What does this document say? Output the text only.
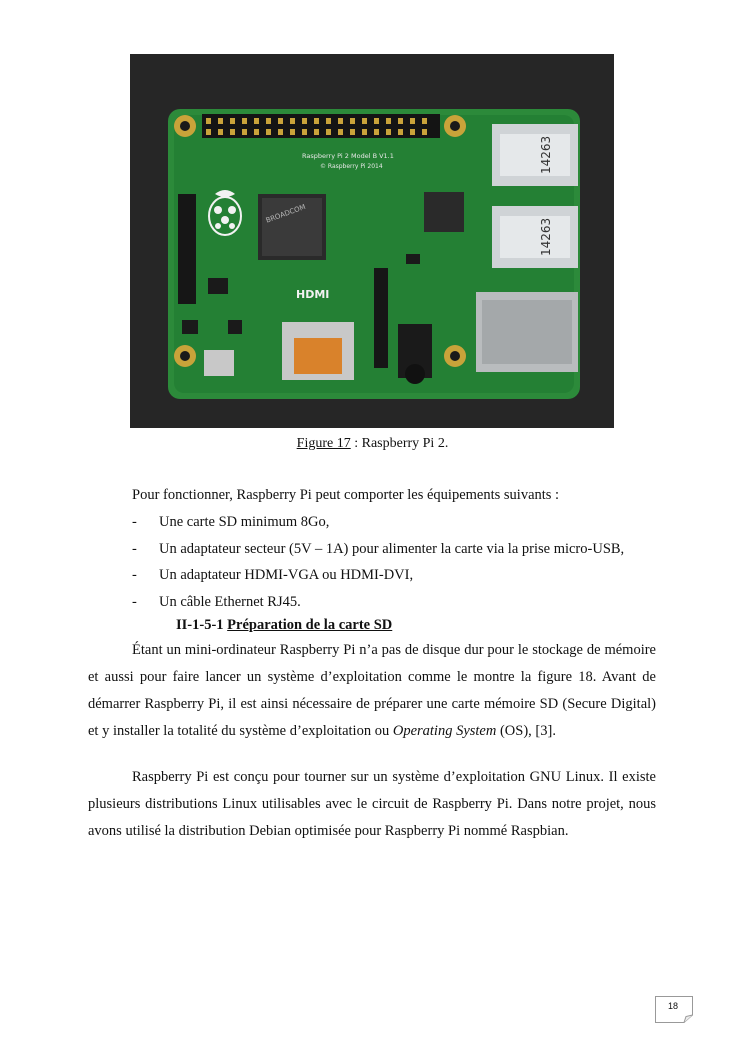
Raspberry Pi 2 Model B V1.1
© Raspberry Pi 2014
BROADCOM
14263
14263
HDMI
Figure 17 : Raspberry Pi 2.
Pour fonctionner, Raspberry Pi peut comporter les équipements suivants :
- Une carte SD minimum 8Go,
- Un adaptateur secteur (5V – 1A) pour alimenter la carte via la prise micro-USB,
- Un adaptateur HDMI-VGA ou HDMI-DVI,
- Un câble Ethernet RJ45.
II-1-5-1 Préparation de la carte SD

Étant un mini-ordinateur Raspberry Pi n’a pas de disque dur pour le stockage de mémoire et aussi pour faire lancer un système d’exploitation comme le montre la figure 18. Avant de démarrer Raspberry Pi, il est ainsi nécessaire de préparer une carte mémoire SD (Secure Digital) et y installer la totalité du système d’exploitation ou Operating System (OS), [3].

Raspberry Pi est conçu pour tourner sur un système d’exploitation GNU Linux. Il existe plusieurs distributions Linux utilisables avec le circuit de Raspberry Pi. Dans notre projet, nous avons utilisé la distribution Debian optimisée pour Raspberry Pi nommé Raspbian.

18
